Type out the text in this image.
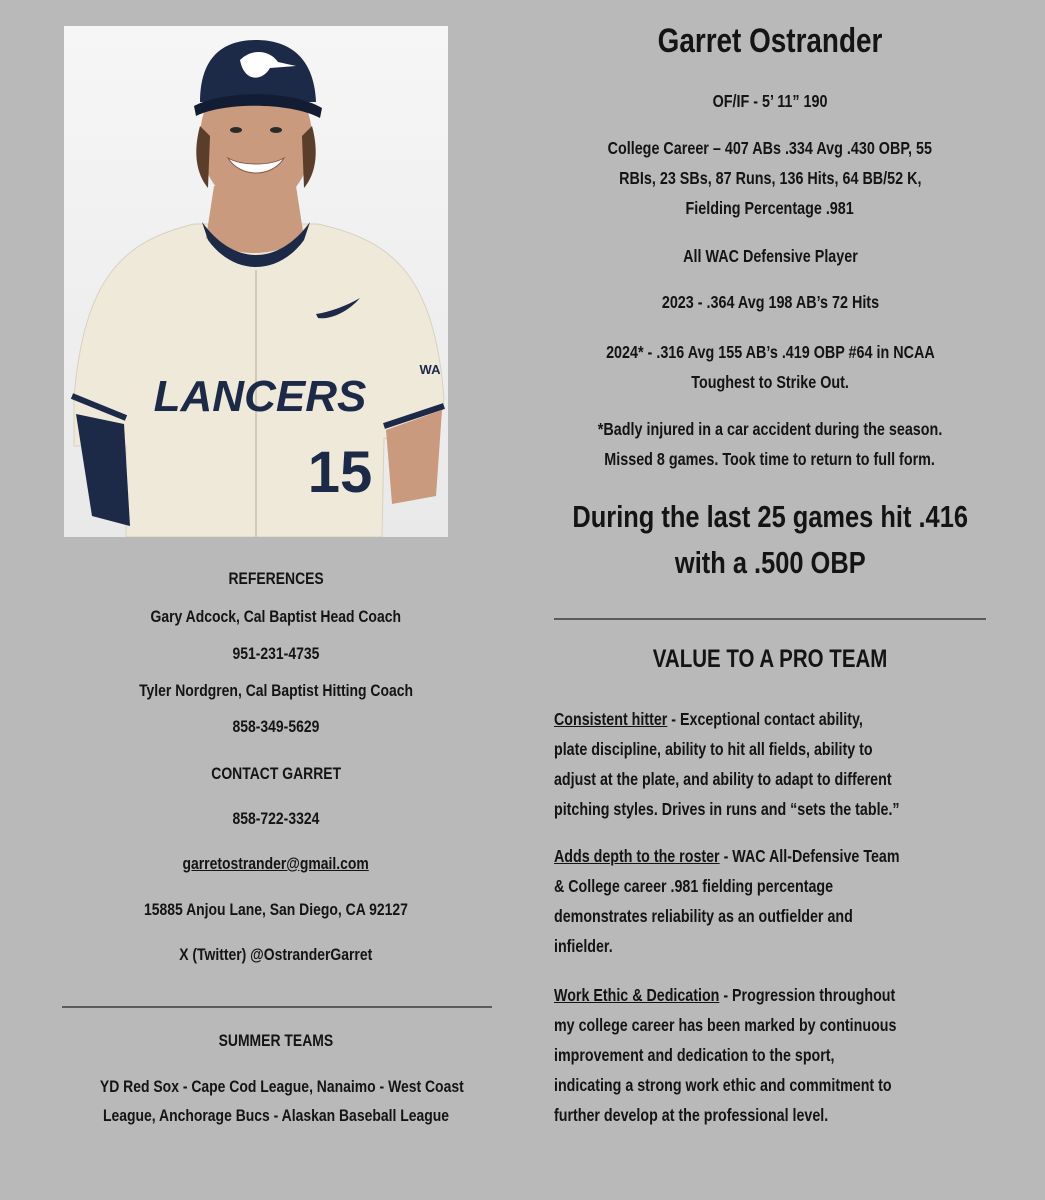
LANCERS
15
WA
Garret Ostrander
OF/IF - 5’ 11” 190
College Career – 407 ABs .334 Avg .430 OBP, 55
RBIs, 23 SBs, 87 Runs, 136 Hits, 64 BB/52 K,
Fielding Percentage .981
All WAC Defensive Player
2023 - .364 Avg 198 AB’s 72 Hits
2024* - .316 Avg 155 AB’s .419 OBP #64 in NCAA
Toughest to Strike Out.
*Badly injured in a car accident during the season.
Missed 8 games. Took time to return to full form.
During the last 25 games hit .416
with a .500 OBP
VALUE TO A PRO TEAM
Consistent hitter - Exceptional contact ability,
plate discipline, ability to hit all fields, ability to
adjust at the plate, and ability to adapt to different
pitching styles. Drives in runs and “sets the table.”
Adds depth to the roster - WAC All-Defensive Team
& College career .981 fielding percentage
demonstrates reliability as an outfielder and
infielder.
Work Ethic & Dedication - Progression throughout
my college career has been marked by continuous
improvement and dedication to the sport,
indicating a strong work ethic and commitment to
further develop at the professional level.
REFERENCES
Gary Adcock, Cal Baptist Head Coach
951-231-4735
Tyler Nordgren, Cal Baptist Hitting Coach
858-349-5629
CONTACT GARRET
858-722-3324
garretostrander@gmail.com
15885 Anjou Lane, San Diego, CA 92127
X (Twitter) @OstranderGarret
SUMMER TEAMS
YD Red Sox - Cape Cod League, Nanaimo - West Coast
League, Anchorage Bucs - Alaskan Baseball League
